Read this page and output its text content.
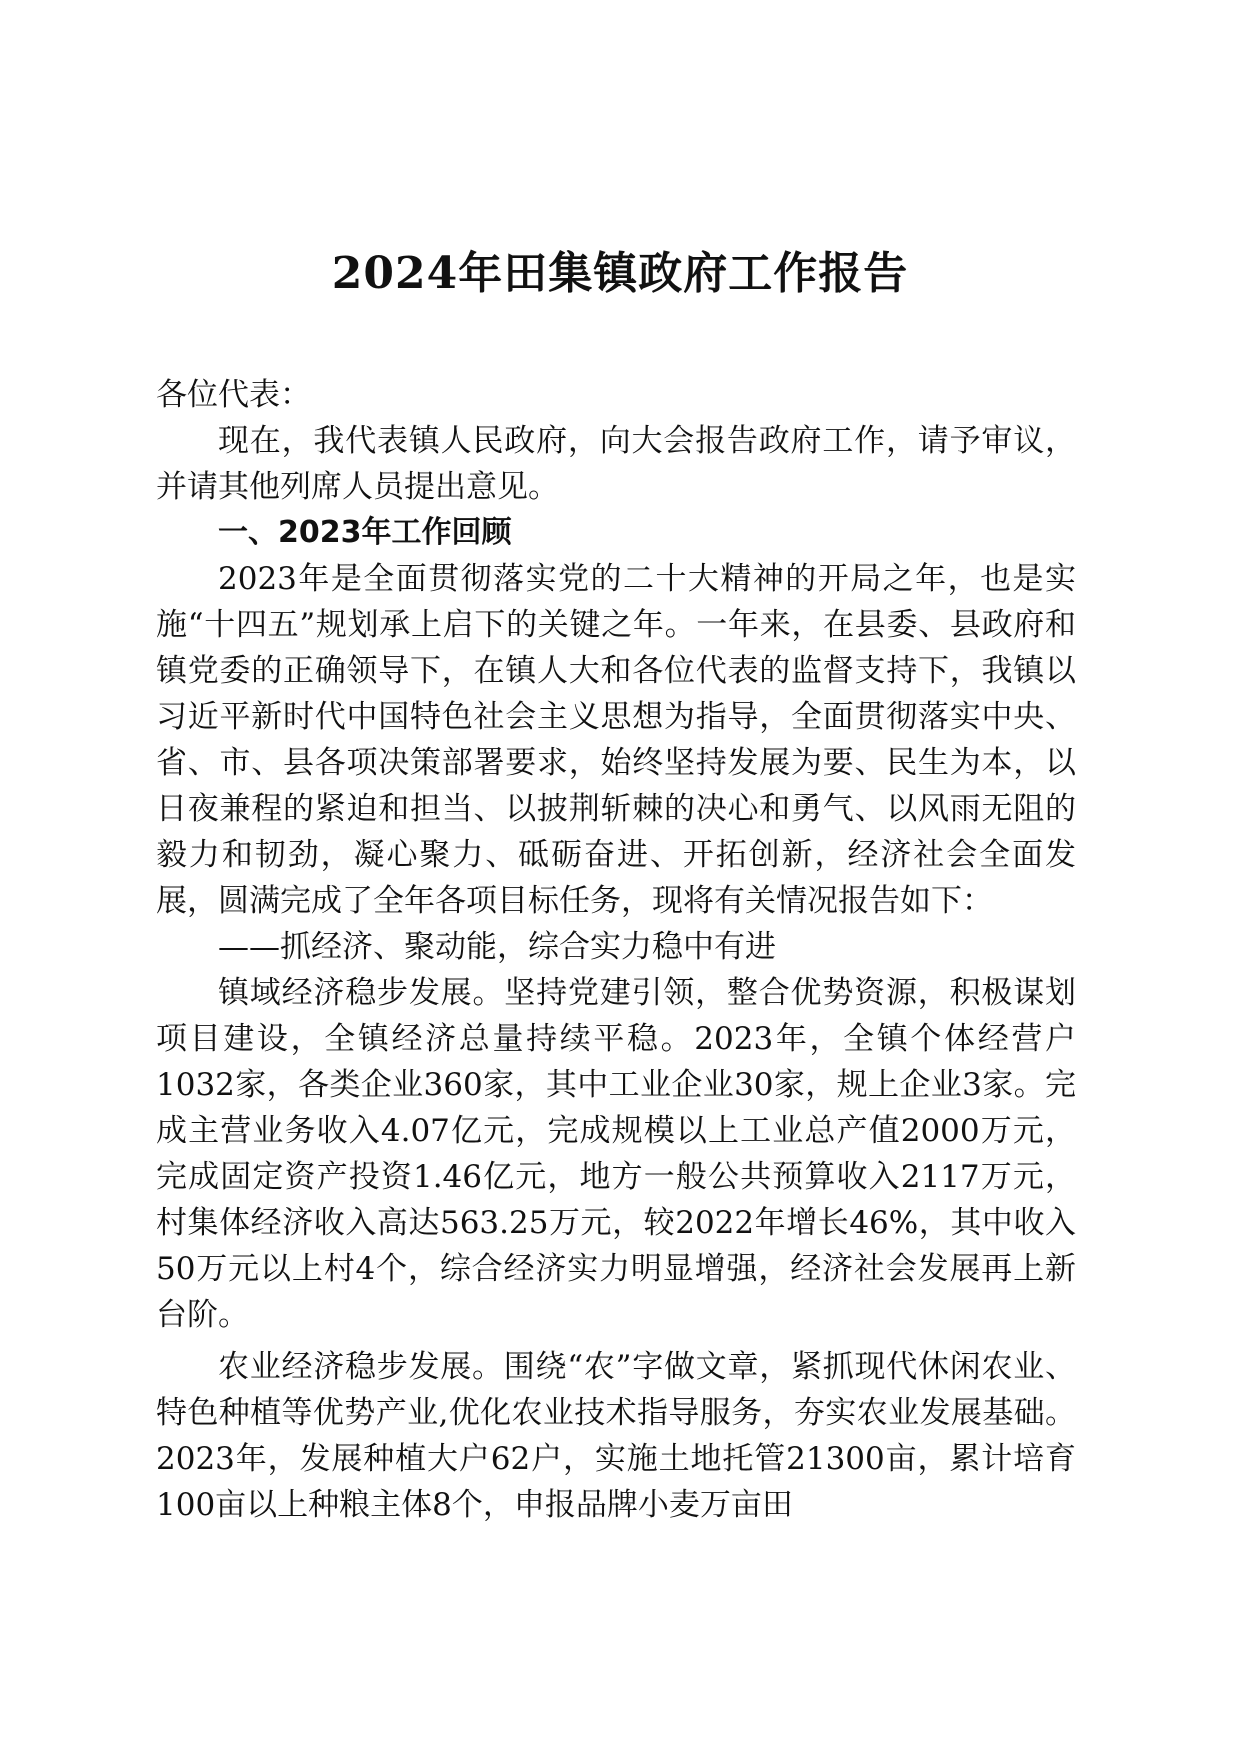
2024年田集镇政府工作报告

各位代表：

现在，我代表镇人民政府，向大会报告政府工作，请予审议，并请其他列席人员提出意见。

一、2023年工作回顾

2023年是全面贯彻落实党的二十大精神的开局之年，也是实施“十四五”规划承上启下的关键之年。一年来，在县委、县政府和镇党委的正确领导下，在镇人大和各位代表的监督支持下，我镇以习近平新时代中国特色社会主义思想为指导，全面贯彻落实中央、省、市、县各项决策部署要求，始终坚持发展为要、民生为本，以日夜兼程的紧迫和担当、以披荆斩棘的决心和勇气、以风雨无阻的毅力和韧劲，凝心聚力、砥砺奋进、开拓创新，经济社会全面发展，圆满完成了全年各项目标任务，现将有关情况报告如下：

——抓经济、聚动能，综合实力稳中有进

镇域经济稳步发展。坚持党建引领，整合优势资源，积极谋划项目建设，全镇经济总量持续平稳。2023年，全镇个体经营户1032家，各类企业360家，其中工业企业30家，规上企业3家。完成主营业务收入4.07亿元，完成规模以上工业总产值2000万元，完成固定资产投资1.46亿元，地方一般公共预算收入2117万元，村集体经济收入高达563.25万元，较2022年增长46%，其中收入50万元以上村4个，综合经济实力明显增强，经济社会发展再上新台阶。

农业经济稳步发展。围绕“农”字做文章，紧抓现代休闲农业、特色种植等优势产业,优化农业技术指导服务，夯实农业发展基础。2023年，发展种植大户62户，实施土地托管21300亩，累计培育100亩以上种粮主体8个，申报品牌小麦万亩田
